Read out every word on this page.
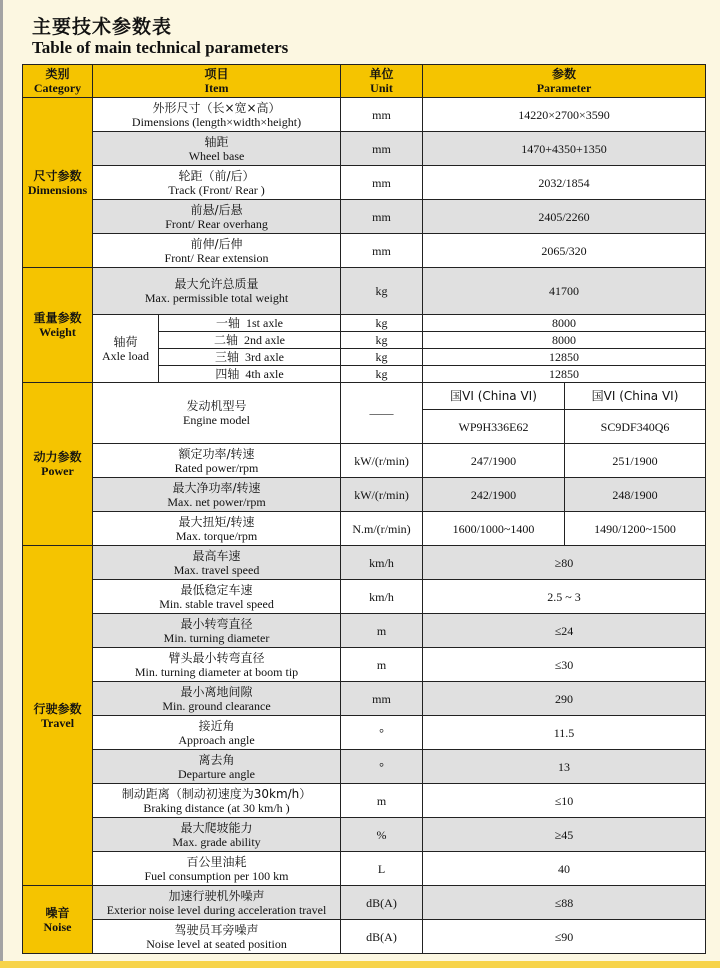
主要技术参数表
Table of main technical parameters
类别
Category	项目
Item		单位
Unit	参数
Parameter	

尺寸参数
Dimensions	外形尺寸（长×宽×高）
Dimensions (length×width×height)		mm	14220×2700×3590	

	轴距
Wheel base		mm	1470+4350+1350	

	轮距（前/后）
Track (Front/ Rear )		mm	2032/1854	

	前悬/后悬
Front/ Rear overhang		mm	2405/2260	

	前伸/后伸
Front/ Rear extension		mm	2065/320	

重量参数
Weight	最大允许总质量
Max. permissible total weight		kg	41700	

	轴荷
Axle load	一轴 1st axle	kg	8000	
		二轴 2nd axle	kg	8000	
		三轴 3rd axle	kg	12850	
		四轴 4th axle	kg	12850	

动力参数
Power	发动机型号
Engine model		——	国VI (China VI)	国VI (China VI)
				WP9H336E62	SC9DF340Q6

	额定功率/转速
Rated power/rpm		kW/(r/min)	247/1900	251/1900

	最大净功率/转速
Max. net power/rpm		kW/(r/min)	242/1900	248/1900

	最大扭矩/转速
Max. torque/rpm		N.m/(r/min)	1600/1000~1400	1490/1200~1500

行驶参数
Travel	最高车速
Max. travel speed		km/h	≥80	

	最低稳定车速
Min. stable travel speed		km/h	2.5 ~ 3	

	最小转弯直径
Min. turning diameter		m	≤24	

	臂头最小转弯直径
Min. turning diameter at boom tip		m	≤30	

	最小离地间隙
Min. ground clearance		mm	290	

	接近角
Approach angle		°	11.5	

	离去角
Departure angle		°	13	

	制动距离（制动初速度为30km/h）
Braking distance (at 30 km/h )		m	≤10	

	最大爬坡能力
Max. grade ability		%	≥45	

	百公里油耗
Fuel consumption per 100 km		L	40	

噪音
Noise	加速行驶机外噪声
Exterior noise level during acceleration travel		dB(A)	≤88	

	驾驶员耳旁噪声
Noise level at seated position		dB(A)	≤90	
